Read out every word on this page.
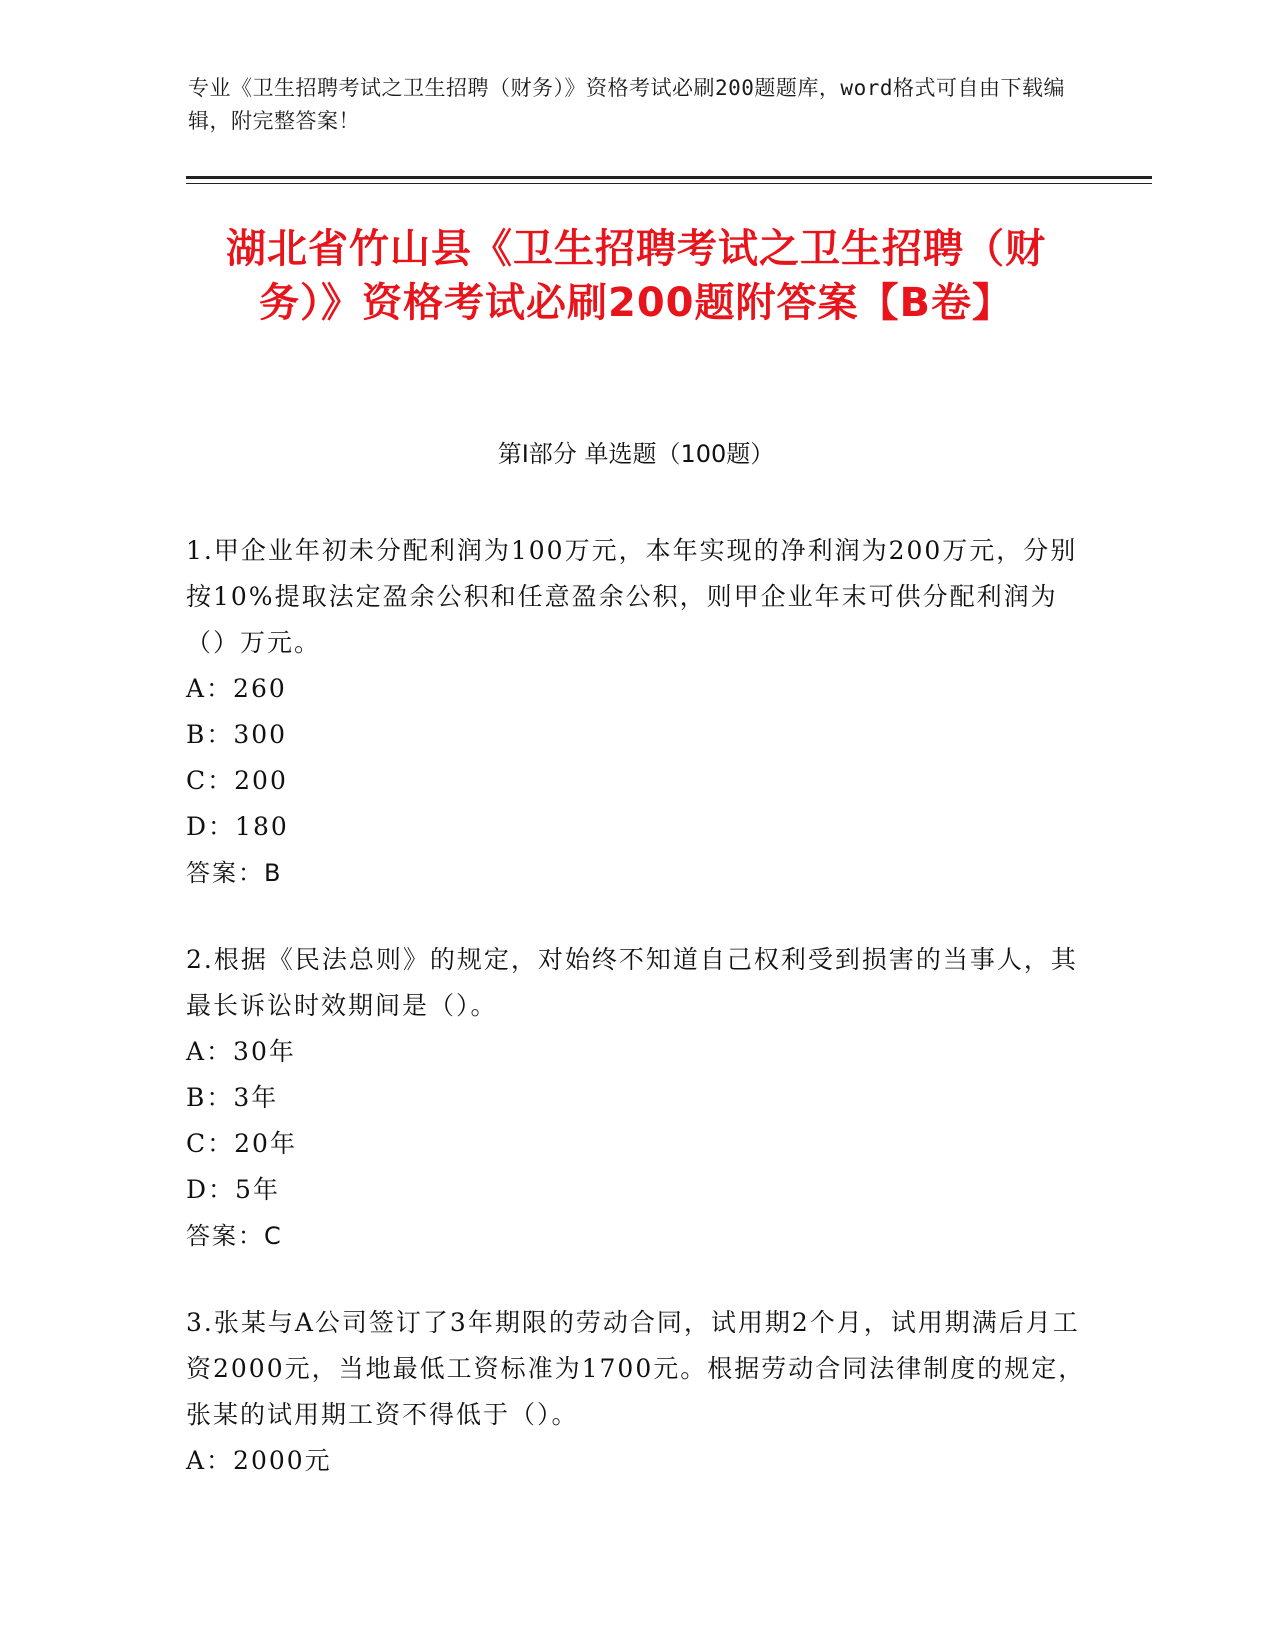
专业《卫生招聘考试之卫生招聘（财务）》资格考试必刷200题题库，word格式可自由下载编辑，附完整答案！
湖北省竹山县《卫生招聘考试之卫生招聘（财务）》资格考试必刷200题附答案【B卷】
第I部分 单选题（100题）

1.甲企业年初未分配利润为100万元，本年实现的净利润为200万元，分别按10%提取法定盈余公积和任意盈余公积，则甲企业年末可供分配利润为（）万元。

A：260

B：300

C：200

D：180

答案：B

2.根据《民法总则》的规定，对始终不知道自己权利受到损害的当事人，其最长诉讼时效期间是（）。

A：30年

B：3年

C：20年

D：5年

答案：C

3.张某与A公司签订了3年期限的劳动合同，试用期2个月，试用期满后月工资2000元，当地最低工资标准为1700元。根据劳动合同法律制度的规定，张某的试用期工资不得低于（）。

A：2000元
